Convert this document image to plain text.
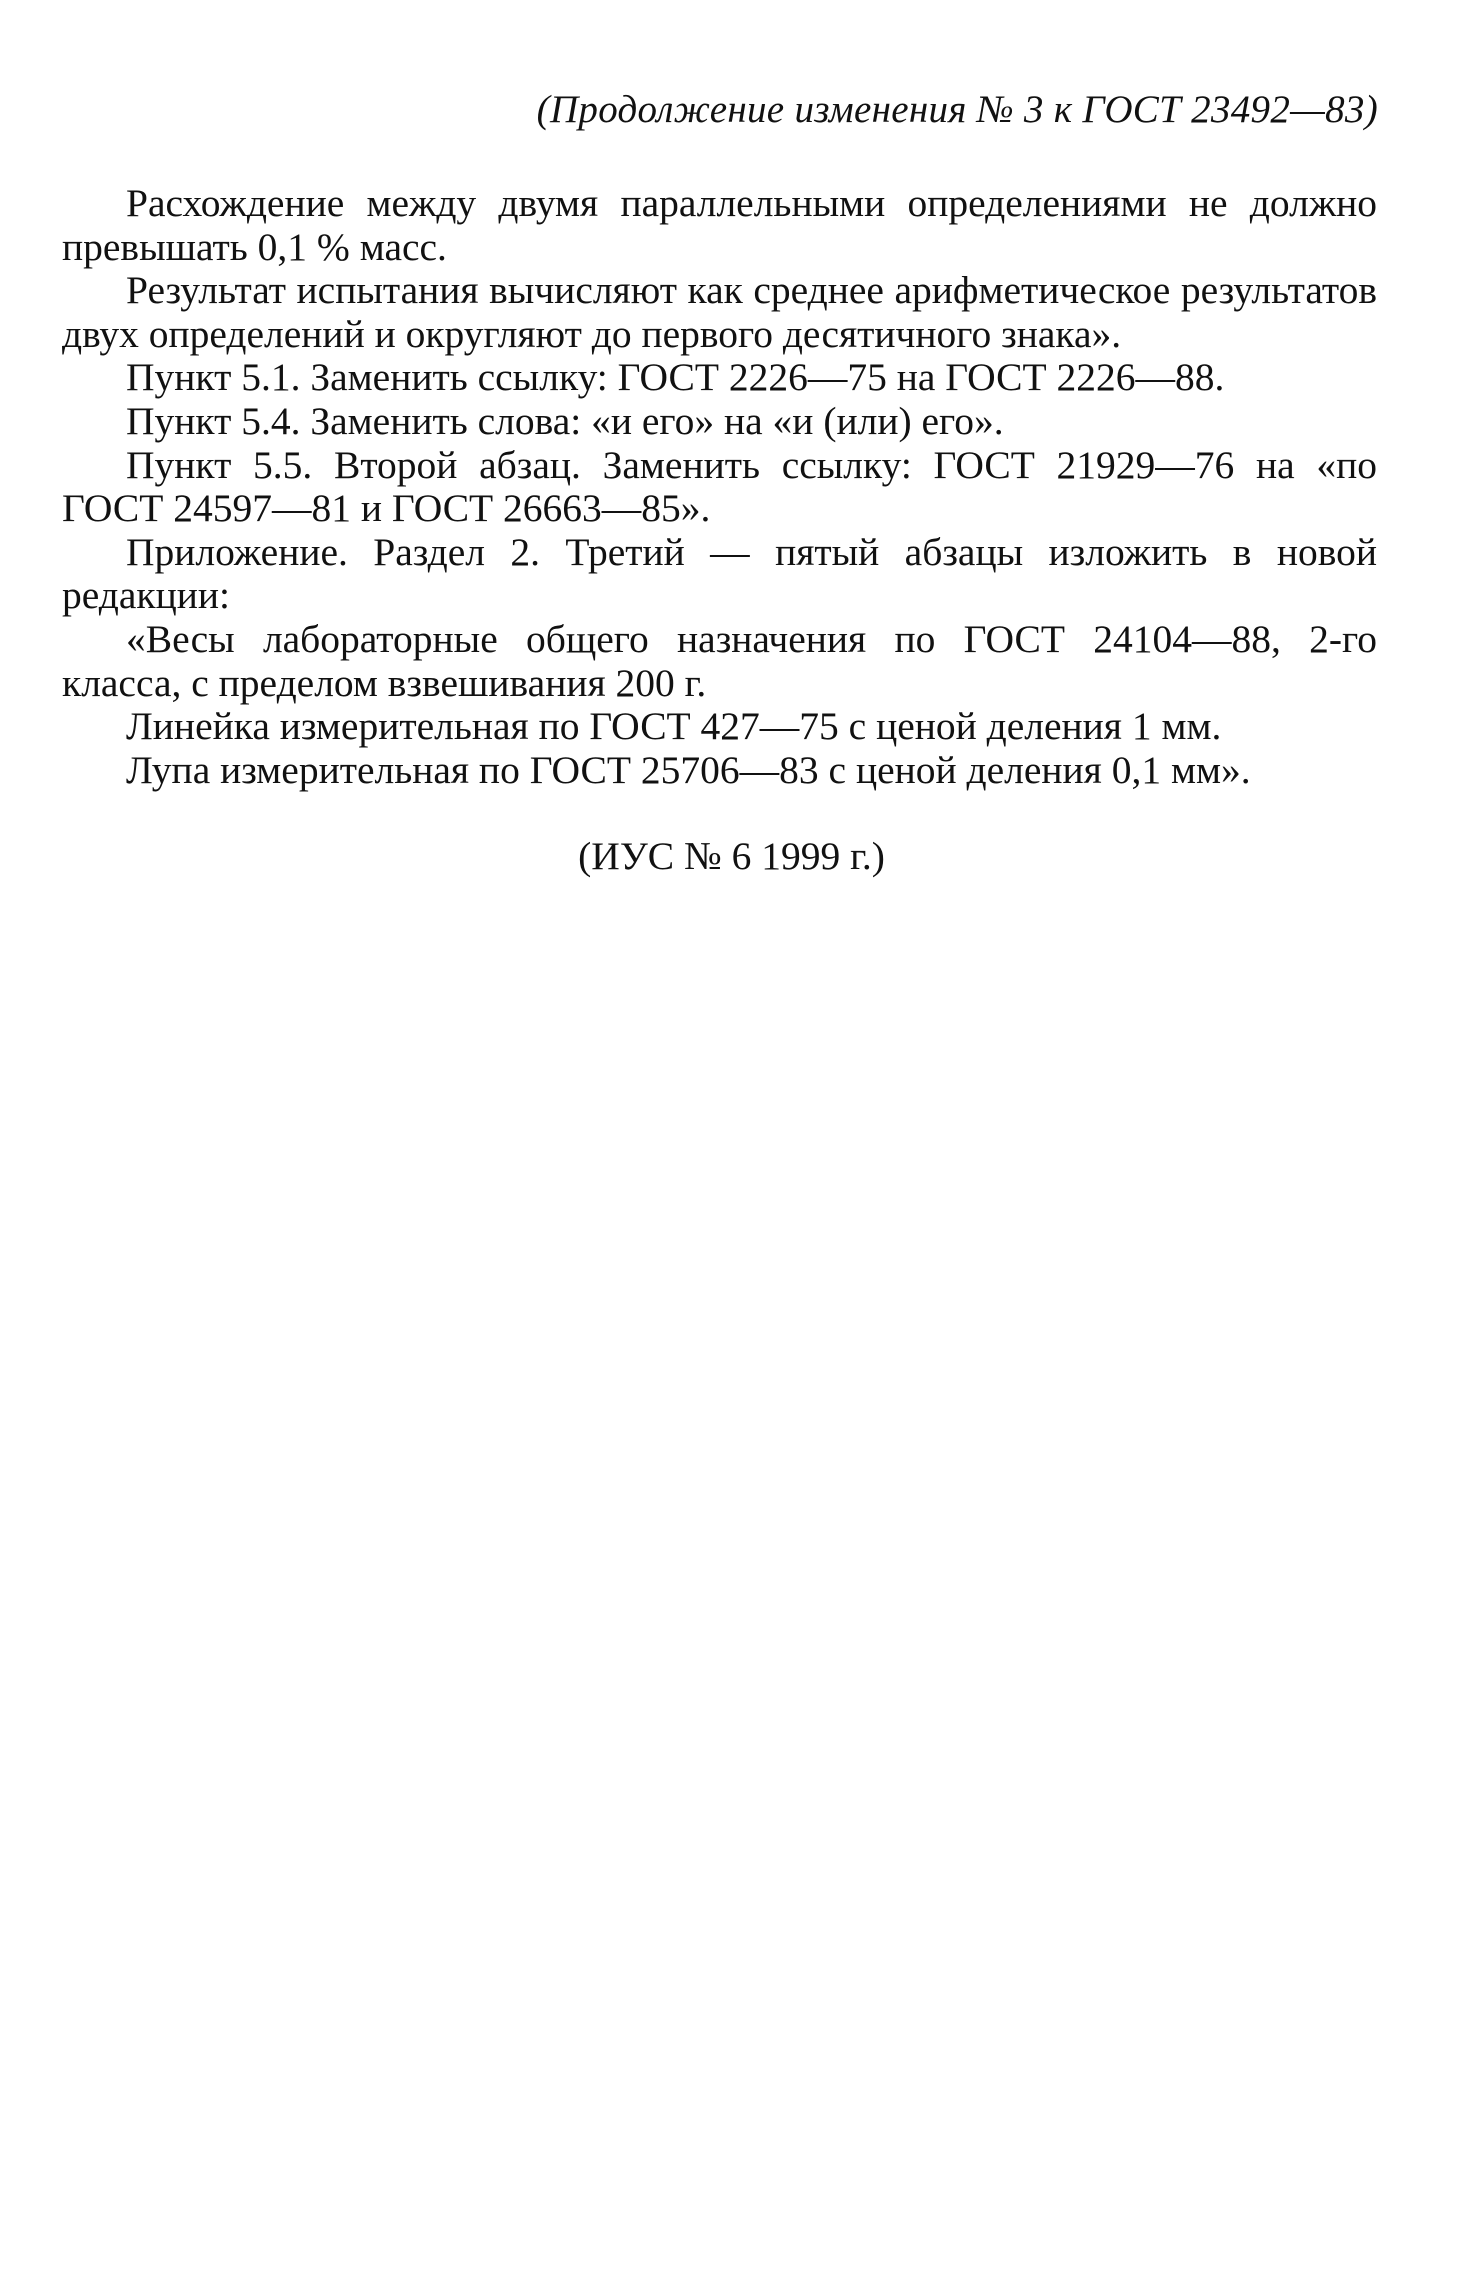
(Продолжение изменения № 3 к ГОСТ 23492—83)

Расхождение между двумя параллельными определениями не должно превышать 0,1 % масс.

Результат испытания вычисляют как среднее арифметическое результатов двух определений и округляют до первого десятичного знака».

Пункт 5.1. Заменить ссылку: ГОСТ 2226—75 на ГОСТ 2226—88.

Пункт 5.4. Заменить слова: «и его» на «и (или) его».

Пункт 5.5. Второй абзац. Заменить ссылку: ГОСТ 21929—76 на «по ГОСТ 24597—81 и ГОСТ 26663—85».

Приложение. Раздел 2. Третий — пятый абзацы изложить в новой редакции:

«Весы лабораторные общего назначения по ГОСТ 24104—88, 2-го класса, с пределом взвешивания 200 г.

Линейка измерительная по ГОСТ 427—75 с ценой деления 1 мм.

Лупа измерительная по ГОСТ 25706—83 с ценой деления 0,1 мм».

(ИУС № 6 1999 г.)
